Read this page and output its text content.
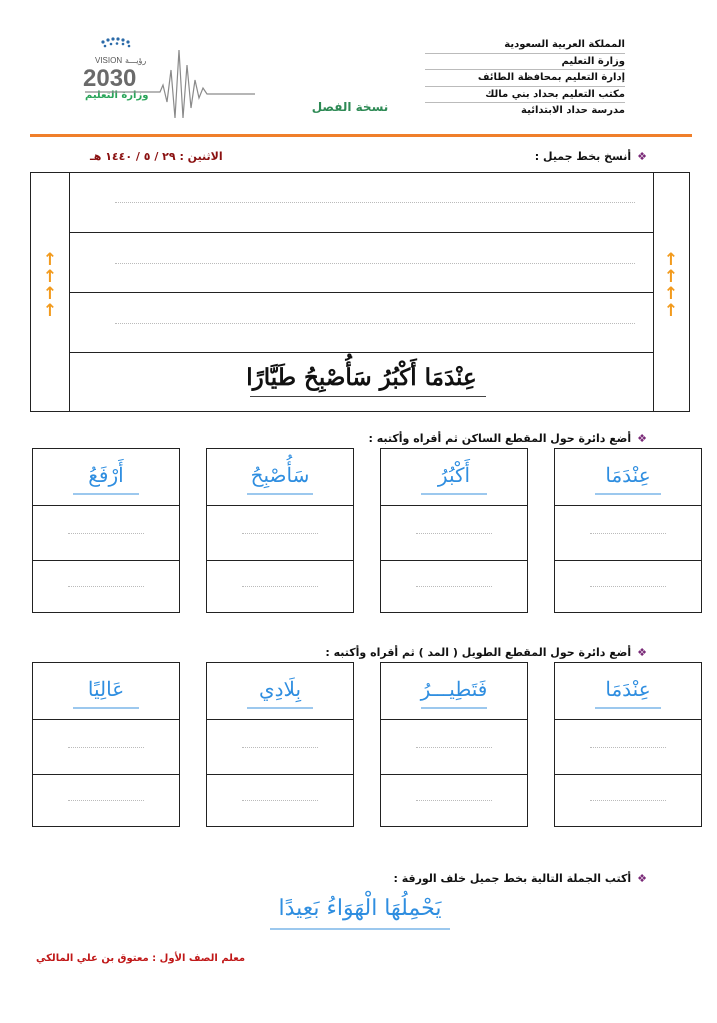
المملكة العربية السعودية
وزارة التعليم
إدارة التعليم بمحافظة الطائف
مكتب التعليم بحداد بني مالك
مدرسة حداد الابتدائية
VISION رؤيـــة
2030
وزارة التعليم
نسخة الفصل
❖أنسخ بخط جميل :
الاثنين : ٢٩ / ٥ / ١٤٤٠ هـ
↑
↑
↑
↑
↑
↑
↑
↑
عِنْدَمَا أَكْبُرُ سَأُصْبِحُ طَيَّارًا
❖أضع دائرة حول المقطع الساكن ثم أقراه وأكتبه :
عِنْدَمَا
أَكْبُرُ
سَأُصْبِحُ
أَرْفَعُ
❖أضع دائرة حول المقطع الطويل ( المد ) ثم أقراه وأكتبه :
عِنْدَمَا
فَتَطِيـــرُ
بِلَادِي
عَالِيًا
❖أكتب الجملة التالية بخط جميل خلف الورقة :
يَحْمِلُهَا الْهَوَاءُ بَعِيدًا
معلم الصف الأول : معتوق بن علي المالكي
